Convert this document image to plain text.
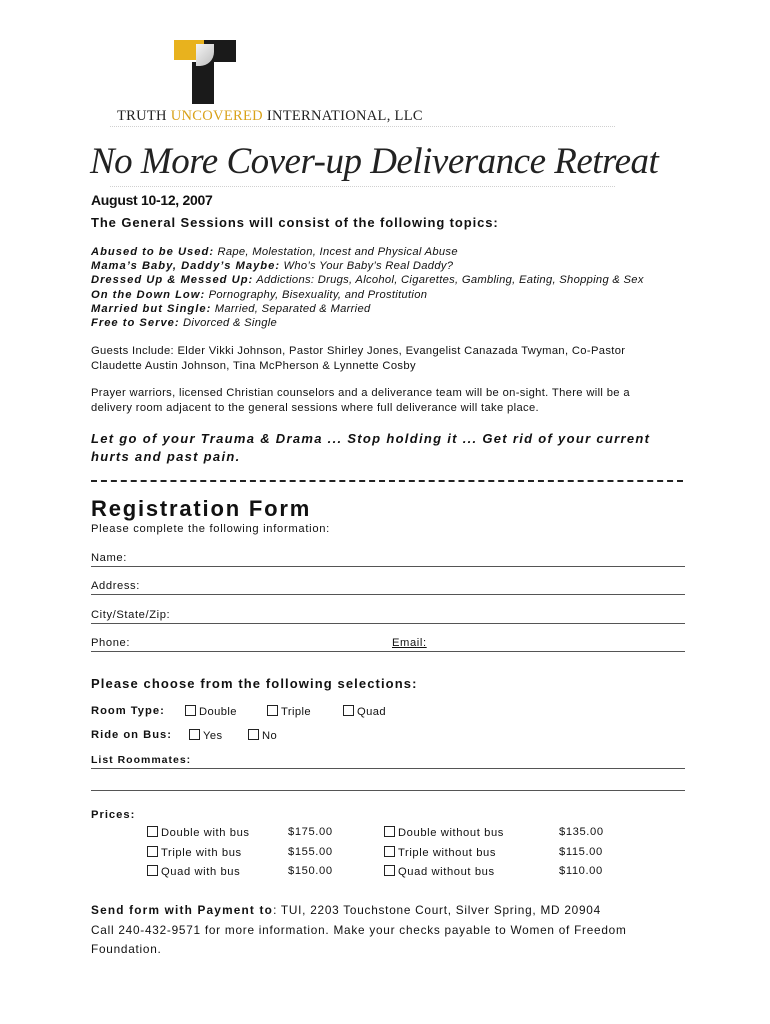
TRUTH UNCOVERED INTERNATIONAL, LLC
No More Cover-up Deliverance Retreat
August 10-12, 2007
The General Sessions will consist of the following topics:
Abused to be Used: Rape, Molestation, Incest and Physical Abuse
Mama’s Baby, Daddy’s Maybe: Who’s Your Baby’s Real Daddy?
Dressed Up & Messed Up: Addictions: Drugs, Alcohol, Cigarettes, Gambling, Eating, Shopping & Sex
On the Down Low: Pornography, Bisexuality, and Prostitution
Married but Single: Married, Separated & Married
Free to Serve: Divorced & Single
Guests Include: Elder Vikki Johnson, Pastor Shirley Jones, Evangelist Canazada Twyman, Co-Pastor
Claudette Austin Johnson, Tina McPherson & Lynnette Cosby
Prayer warriors, licensed Christian counselors and a deliverance team will be on-sight. There will be a
delivery room adjacent to the general sessions where full deliverance will take place.
Let go of your Trauma & Drama ... Stop holding it ... Get rid of your current
hurts and past pain.
Registration Form
Please complete the following information:
Name:
Address:
City/State/Zip:
Phone:	Email:
Please choose from the following selections:
Room Type:	Double	Triple	Quad
Ride on Bus:	Yes	No
List Roommates:
Prices:
Double with bus	$175.00	Double without bus	$135.00
Triple with bus	$155.00	Triple without bus	$115.00
Quad with bus	$150.00	Quad without bus	$110.00
Send form with Payment to: TUI, 2203 Touchstone Court, Silver Spring, MD 20904
Call 240-432-9571 for more information. Make your checks payable to Women of Freedom
Foundation.
